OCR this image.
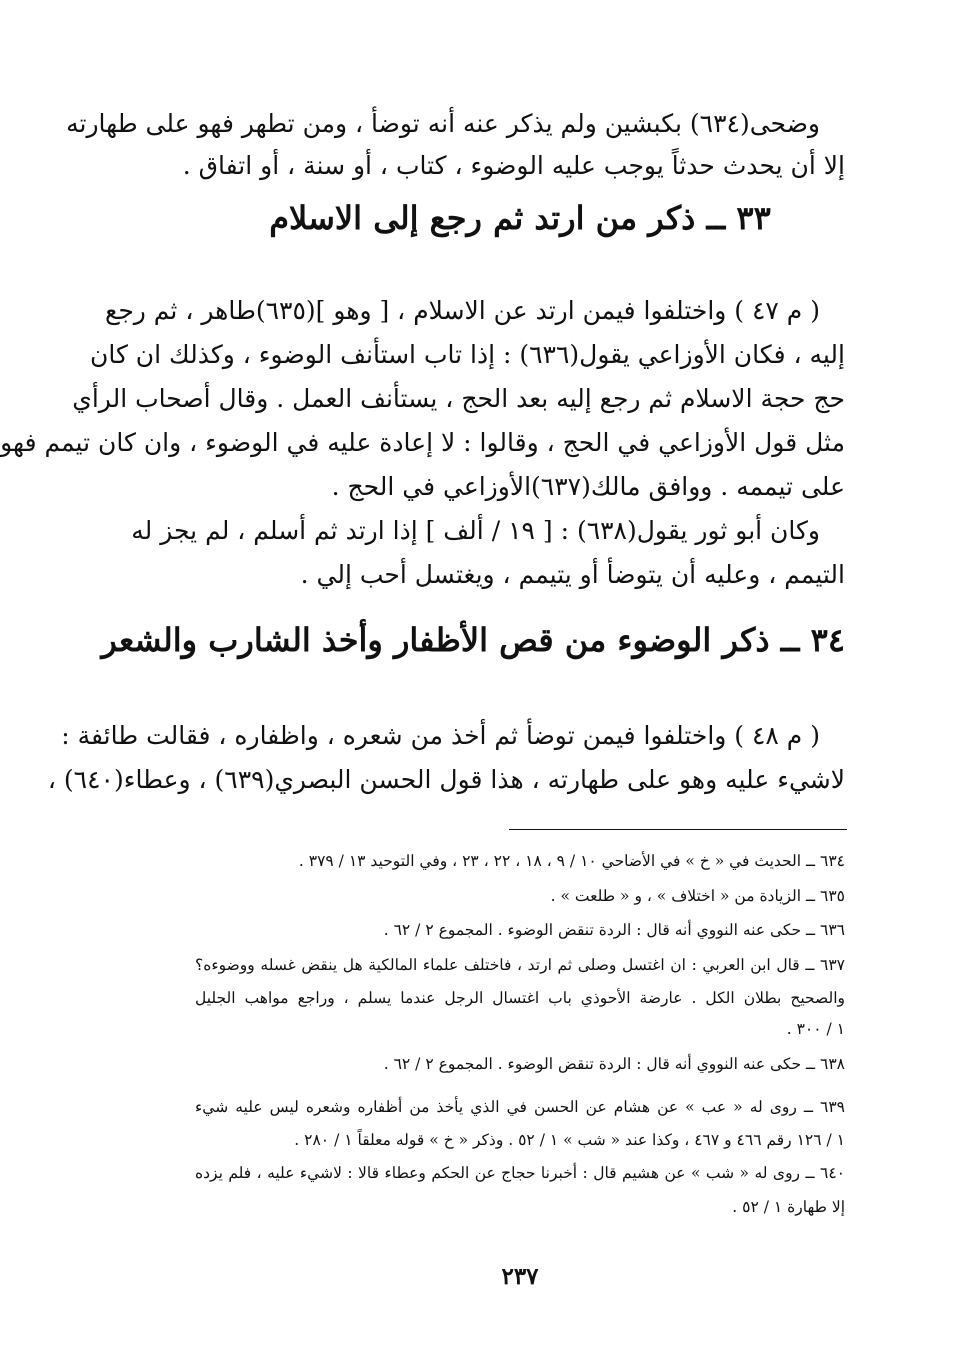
وضحى(٦٣٤) بكبشين ولم يذكر عنه أنه توضأ ، ومن تطهر فهو على طهارته
إلا أن يحدث حدثاً يوجب عليه الوضوء ، كتاب ، أو سنة ، أو اتفاق .
٣٣ ــ ذكر من ارتد ثم رجع إلى الاسلام
( م ٤٧ ) واختلفوا فيمن ارتد عن الاسلام ، [ وهو ](٦٣٥)طاهر ، ثم رجع
إليه ، فكان الأوزاعي يقول(٦٣٦) : إذا تاب استأنف الوضوء ، وكذلك ان كان
حج حجة الاسلام ثم رجع إليه بعد الحج ، يستأنف العمل . وقال أصحاب الرأي
مثل قول الأوزاعي في الحج ، وقالوا : لا إعادة عليه في الوضوء ، وان كان تيمم فهو
على تيممه . ووافق مالك(٦٣٧)الأوزاعي في الحج .
وكان أبو ثور يقول(٦٣٨) : [ ١٩ / ألف ] إذا ارتد ثم أسلم ، لم يجز له
التيمم ، وعليه أن يتوضأ أو يتيمم ، ويغتسل أحب إلي .
٣٤ ــ ذكر الوضوء من قص الأظفار وأخذ الشارب والشعر
( م ٤٨ ) واختلفوا فيمن توضأ ثم أخذ من شعره ، واظفاره ، فقالت طائفة :
لاشيء عليه وهو على طهارته ، هذا قول الحسن البصري(٦٣٩) ، وعطاء(٦٤٠) ،
٦٣٤ ــ الحديث في « خ » في الأضاحي ١٠ / ٩ ، ١٨ ، ٢٢ ، ٢٣ ، وفي التوحيد ١٣ / ٣٧٩ .
٦٣٥ ــ الزيادة من « اختلاف » ، و « طلعت » .
٦٣٦ ــ حكى عنه النووي أنه قال : الردة تنقض الوضوء . المجموع ٢ / ٦٢ .
٦٣٧ ــ قال ابن العربي : ان اغتسل وصلى ثم ارتد ، فاختلف علماء المالكية هل ينقض غسله ووضوءه؟
والصحيح بطلان الكل . عارضة الأحوذي باب اغتسال الرجل عندما يسلم ، وراجع مواهب الجليل
١ / ٣٠٠ .
٦٣٨ ــ حكى عنه النووي أنه قال : الردة تنقض الوضوء . المجموع ٢ / ٦٢ .
٦٣٩ ــ روى له « عب » عن هشام عن الحسن في الذي يأخذ من أظفاره وشعره ليس عليه شيء
١ / ١٢٦ رقم ٤٦٦ و ٤٦٧ ، وكذا عند « شب » ١ / ٥٢ . وذكر « خ » قوله معلقاً ١ / ٢٨٠ .
٦٤٠ ــ روى له « شب » عن هشيم قال : أخبرنا حجاج عن الحكم وعطاء قالا : لاشيء عليه ، فلم يزده
إلا طهارة ١ / ٥٢ .
٢٣٧
